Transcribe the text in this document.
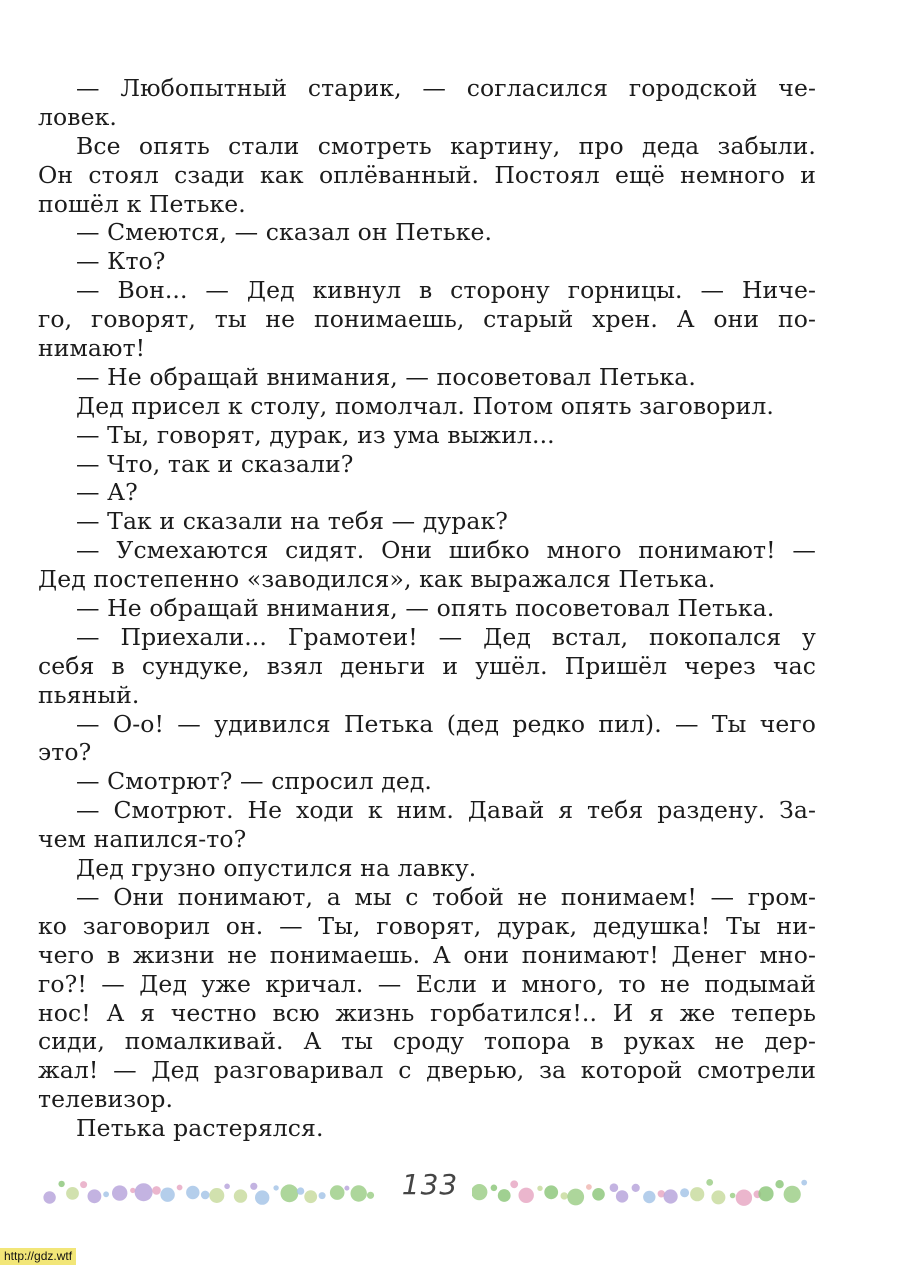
— Любопытный старик, — согласился городской че-
ловек.
Все опять стали смотреть картину, про деда забыли.
Он стоял сзади как оплёванный. Постоял ещё немного и
пошёл к Петьке.
— Смеются, — сказал он Петьке.
— Кто?
— Вон... — Дед кивнул в сторону горницы. — Ниче-
го, говорят, ты не понимаешь, старый хрен. А они по-
нимают!
— Не обращай внимания, — посоветовал Петька.
Дед присел к столу, помолчал. Потом опять заговорил.
— Ты, говорят, дурак, из ума выжил...
— Что, так и сказали?
— А?
— Так и сказали на тебя — дурак?
— Усмехаются сидят. Они шибко много понимают! —
Дед постепенно «заводился», как выражался Петька.
— Не обращай внимания, — опять посоветовал Петька.
— Приехали... Грамотеи! — Дед встал, покопался у
себя в сундуке, взял деньги и ушёл. Пришёл через час
пьяный.
— О-о! — удивился Петька (дед редко пил). — Ты чего
это?
— Смотрют? — спросил дед.
— Смотрют. Не ходи к ним. Давай я тебя раздену. За-
чем напился-то?
Дед грузно опустился на лавку.
— Они понимают, а мы с тобой не понимаем! — гром-
ко заговорил он. — Ты, говорят, дурак, дедушка! Ты ни-
чего в жизни не понимаешь. А они понимают! Денег мно-
го?! — Дед уже кричал. — Если и много, то не подымай
нос! А я честно всю жизнь горбатился!.. И я же теперь
сиди, помалкивай. А ты сроду топора в руках не дер-
жал! — Дед разговаривал с дверью, за которой смотрели
телевизор.
Петька растерялся.
133
http://gdz.wtf
